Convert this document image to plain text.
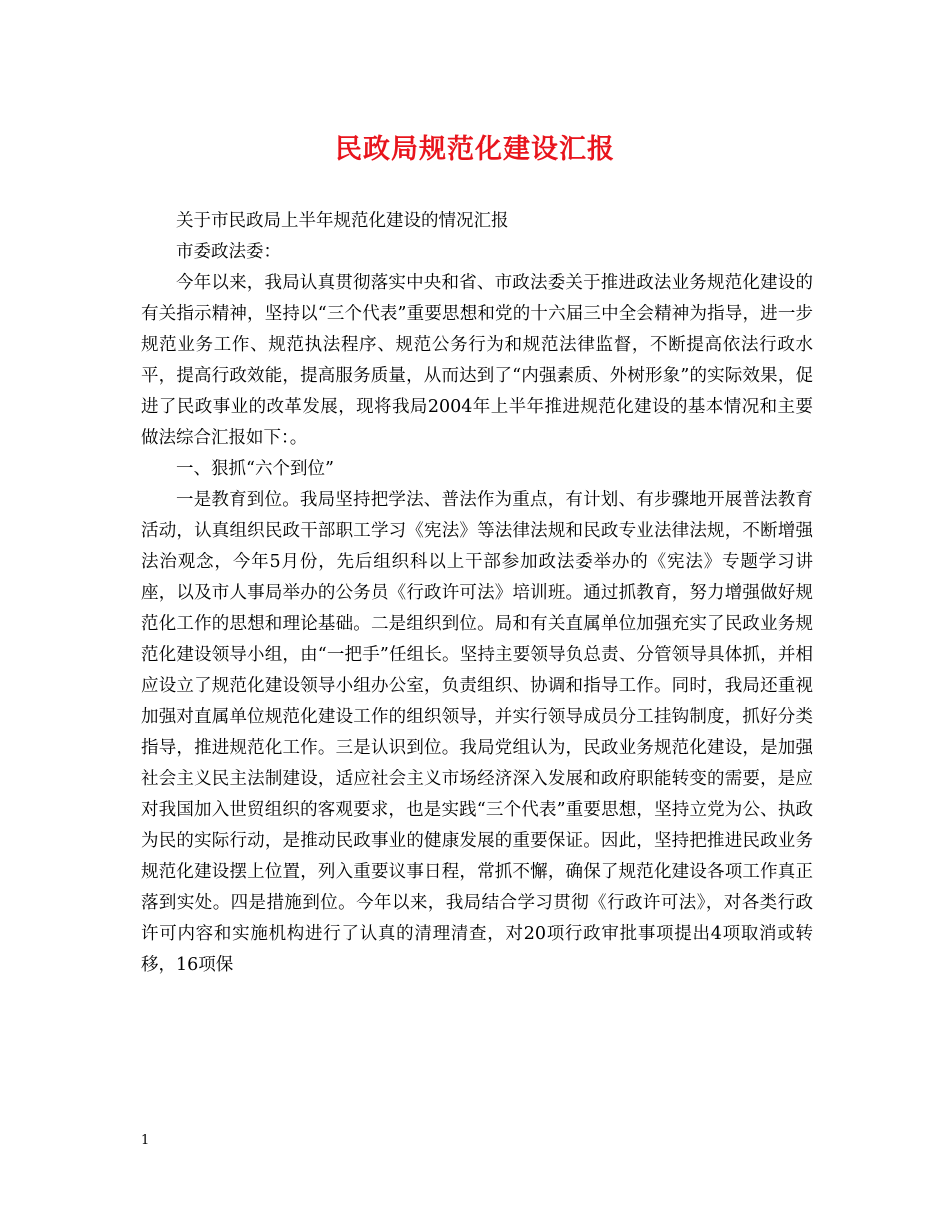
民政局规范化建设汇报

关于市民政局上半年规范化建设的情况汇报

市委政法委：

今年以来，我局认真贯彻落实中央和省、市政法委关于推进政法业务规范化建设的有关指示精神，坚持以“三个代表”重要思想和党的十六届三中全会精神为指导，进一步规范业务工作、规范执法程序、规范公务行为和规范法律监督，不断提高依法行政水平，提高行政效能，提高服务质量，从而达到了“内强素质、外树形象”的实际效果，促进了民政事业的改革发展，现将我局2004年上半年推进规范化建设的基本情况和主要做法综合汇报如下：。

一、狠抓“六个到位”

一是教育到位。我局坚持把学法、普法作为重点，有计划、有步骤地开展普法教育活动，认真组织民政干部职工学习《宪法》等法律法规和民政专业法律法规，不断增强法治观念，今年5月份，先后组织科以上干部参加政法委举办的《宪法》专题学习讲座，以及市人事局举办的公务员《行政许可法》培训班。通过抓教育，努力增强做好规范化工作的思想和理论基础。二是组织到位。局和有关直属单位加强充实了民政业务规范化建设领导小组，由“一把手”任组长。坚持主要领导负总责、分管领导具体抓，并相应设立了规范化建设领导小组办公室，负责组织、协调和指导工作。同时，我局还重视加强对直属单位规范化建设工作的组织领导，并实行领导成员分工挂钩制度，抓好分类指导，推进规范化工作。三是认识到位。我局党组认为，民政业务规范化建设，是加强社会主义民主法制建设，适应社会主义市场经济深入发展和政府职能转变的需要，是应对我国加入世贸组织的客观要求，也是实践“三个代表”重要思想，坚持立党为公、执政为民的实际行动，是推动民政事业的健康发展的重要保证。因此，坚持把推进民政业务规范化建设摆上位置，列入重要议事日程，常抓不懈，确保了规范化建设各项工作真正落到实处。四是措施到位。今年以来，我局结合学习贯彻《行政许可法》，对各类行政许可内容和实施机构进行了认真的清理清查，对20项行政审批事项提出4项取消或转移，16项保

1
